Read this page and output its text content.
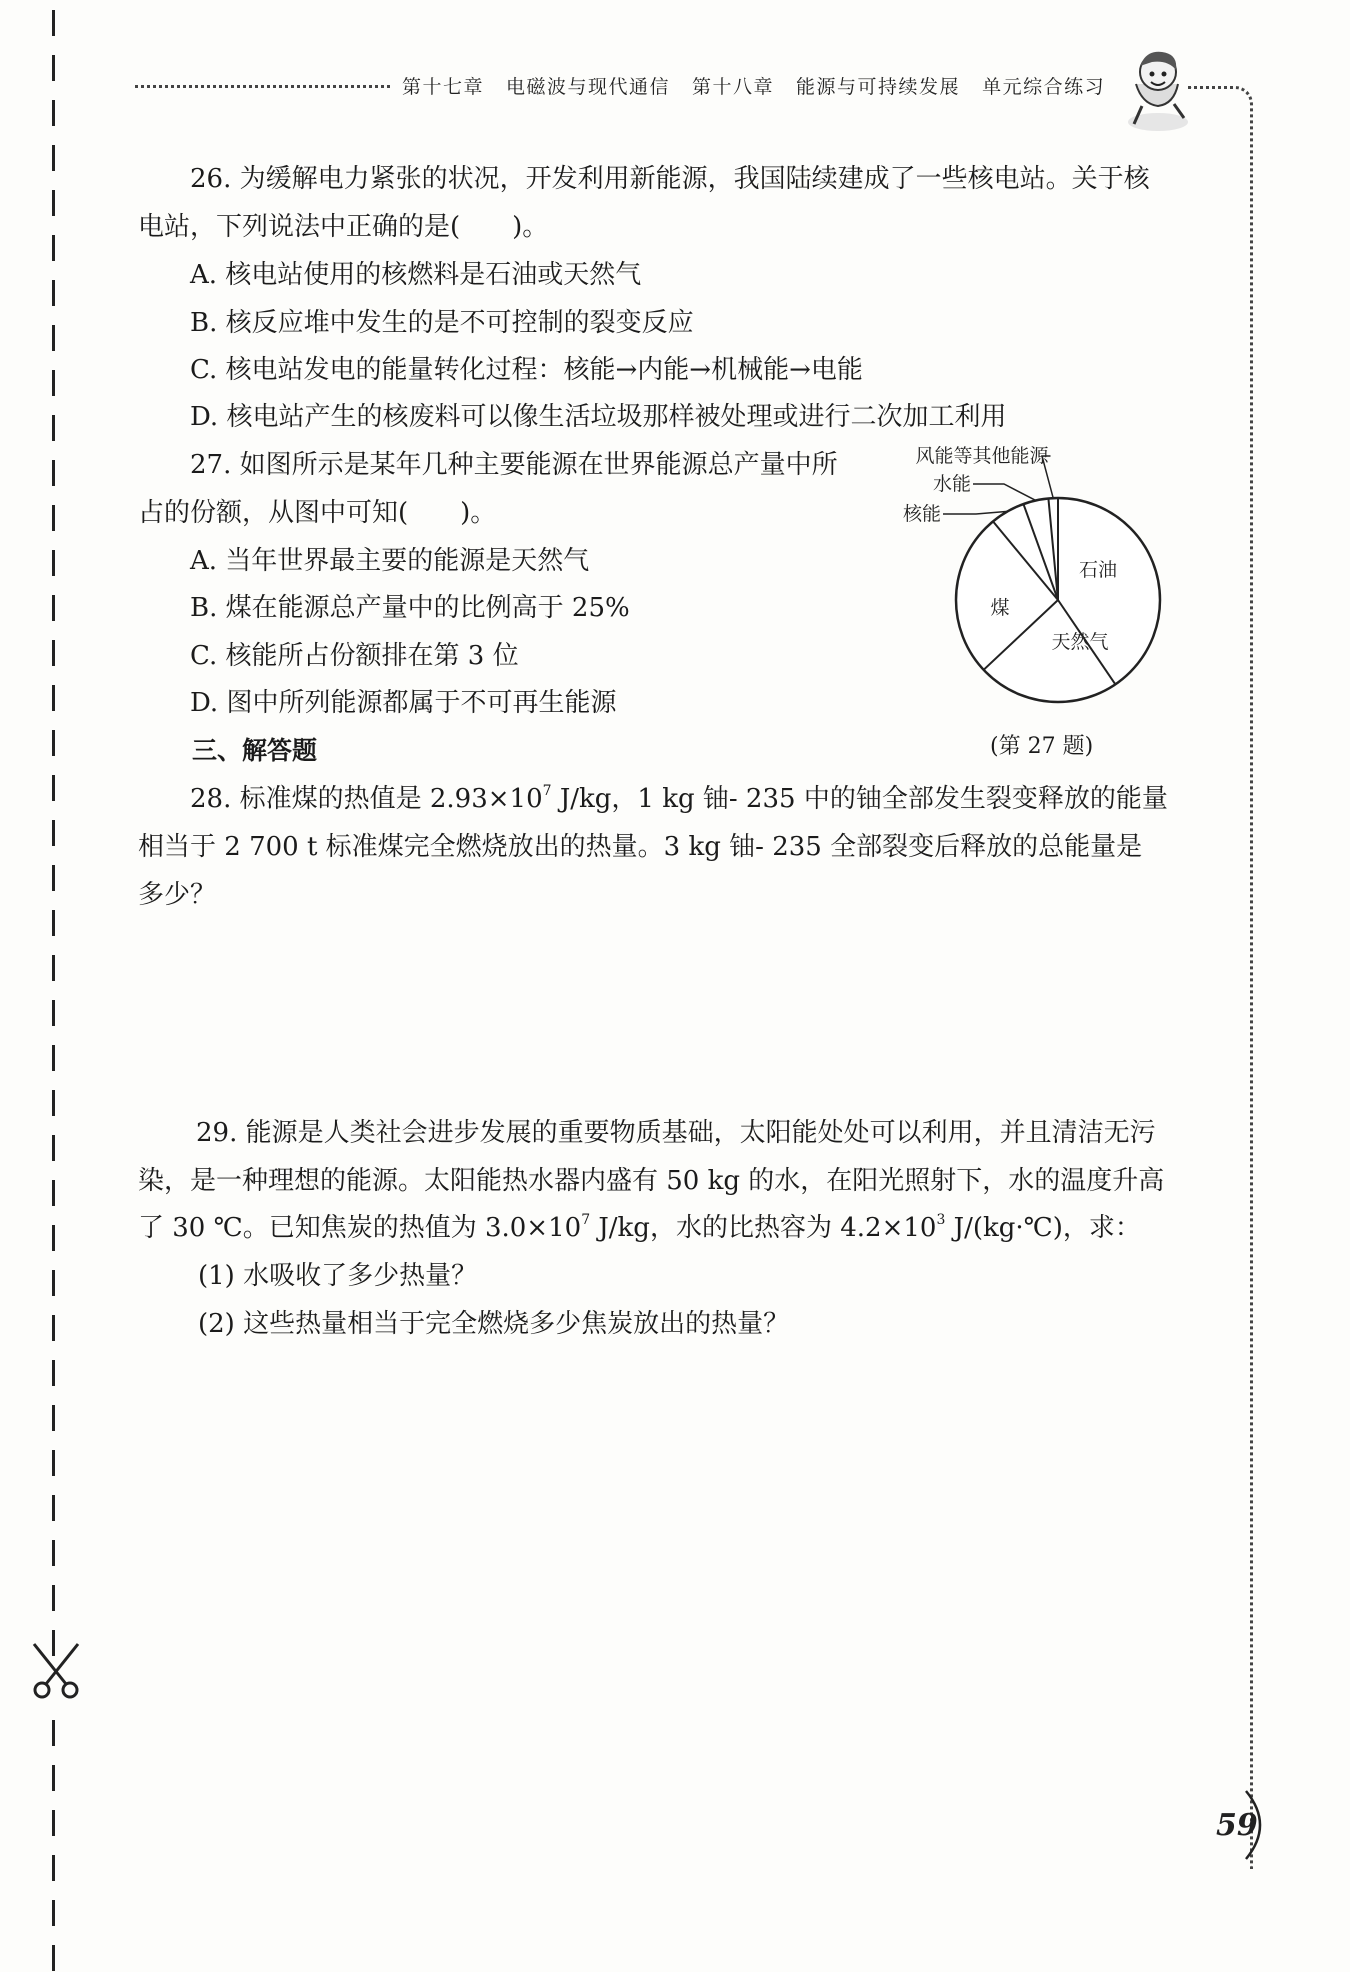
第十七章 电磁波与现代通信 第十八章 能源与可持续发展 单元综合练习
26. 为缓解电力紧张的状况，开发利用新能源，我国陆续建成了一些核电站。关于核
电站，下列说法中正确的是(　　)。
A. 核电站使用的核燃料是石油或天然气
B. 核反应堆中发生的是不可控制的裂变反应
C. 核电站发电的能量转化过程：核能→内能→机械能→电能
D. 核电站产生的核废料可以像生活垃圾那样被处理或进行二次加工利用
27. 如图所示是某年几种主要能源在世界能源总产量中所
占的份额，从图中可知(　　)。
A. 当年世界最主要的能源是天然气
B. 煤在能源总产量中的比例高于 25%
C. 核能所占份额排在第 3 位
D. 图中所列能源都属于不可再生能源
石油
天然气
煤
核能
水能
风能等其他能源
(第 27 题)
三、解答题
28. 标准煤的热值是 $2.93\times 10^7$ J/kg，1 kg 铀- 235 中的铀全部发生裂变释放的能量
相当于 2 700 t 标准煤完全燃烧放出的热量。3 kg 铀- 235 全部裂变后释放的总能量是
多少？
29. 能源是人类社会进步发展的重要物质基础，太阳能处处可以利用，并且清洁无污
染，是一种理想的能源。太阳能热水器内盛有 50 kg 的水，在阳光照射下，水的温度升高
了 30 ℃。已知焦炭的热值为 $3.0\times 10^7$ J/kg，水的比热容为 $4.2\times 10^3$ J/(kg·℃)，求：
(1) 水吸收了多少热量？
(2) 这些热量相当于完全燃烧多少焦炭放出的热量？
59
